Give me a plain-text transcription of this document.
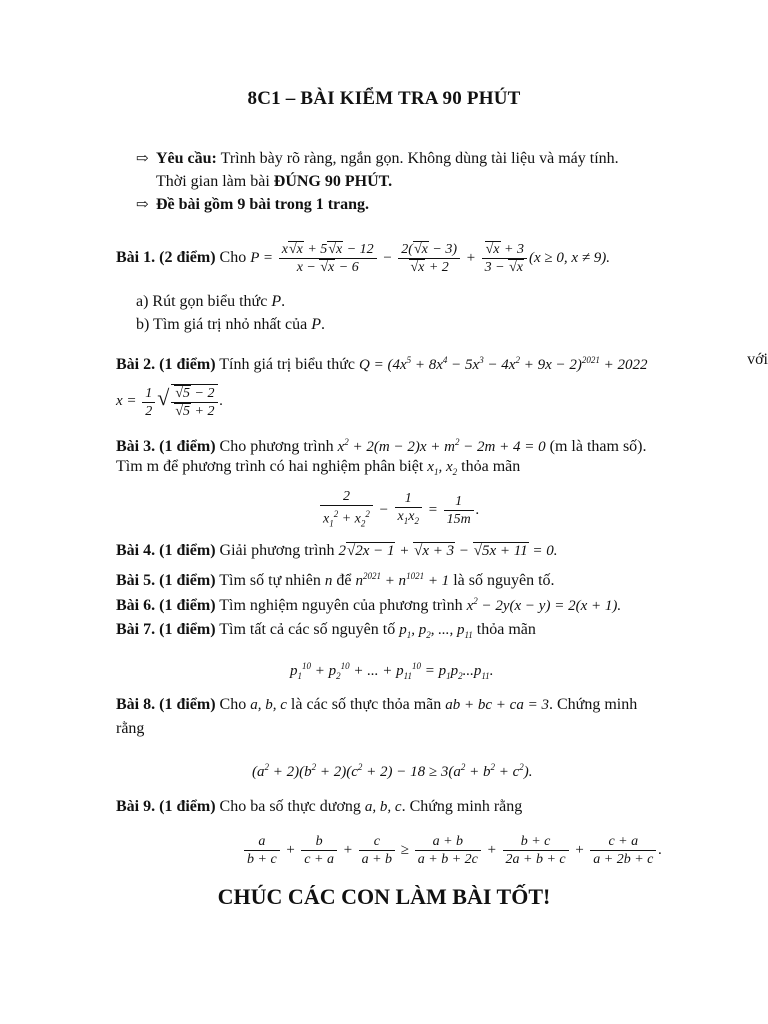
8C1 – BÀI KIỂM TRA 90 PHÚT
⇨ Yêu cầu: Trình bày rõ ràng, ngắn gọn. Không dùng tài liệu và máy tính.
Thời gian làm bài ĐÚNG 90 PHÚT.
⇨ Đề bài gồm 9 bài trong 1 trang.
Bài 1. (2 điểm) Cho $P = \frac{x√ x + 5√ x - 12}{x - √ x - 6} - 2(√$ x − 3)
√ x + 2 +
√ $\frac{x + 3}{3 - √ x} (x \ge 0$, x ≠ 9).
a) Rút gọn biểu thức P.
b) Tìm giá trị nhỏ nhất của P.
Bài 2. (1 điểm) Tính giá trị biểu thức $Q = (4x^5 + 8x^4 - 5x^3 - 4x^2 + 9x - 2)^{2021} + 2022$	với
$x = \frac{1}{2}$ √
√ 5 − 2
√ 5 + 2 .
Bài 3. (1 điểm) Cho phương trình $x^2 + 2(m - 2)x + m^2 - 2m + 4 = 0$ (m là tham số).
Tìm m để phương trình có hai nghiệm phân biệt $x_1$, $x_2$ thỏa mãn
$\frac{2}{x_1^2 + x_2^2} - \frac{1}{x_1x_2} = \frac{1}{15m}$ .
Bài 4. (1 điểm) Giải phương trình 2√ 2x − 1 + √ x + 3 − √ 5x + 11 = 0.
Bài 5. (1 điểm) Tìm số tự nhiên n để $n^{2021} + n^{1021} + 1$ là số nguyên tố.
Bài 6. (1 điểm) Tìm nghiệm nguyên của phương trình $x^2 - 2y(x - y) = 2(x + 1)$.
Bài 7. (1 điểm) Tìm tất cả các số nguyên tố $p_1$, $p_2$, ..., $p_{11}$ thỏa mãn
$p_1^{10} + p_2^{10}$ + ... + $p_{11}^{10} = p_1p_2...p_{11}$.
Bài 8. (1 điểm) Cho a, b, c là các số thực thỏa mãn ab + bc + ca = 3. Chứng minh
rằng
$(a^2 + 2)(b^2 + 2)(c^2 + 2) - 18 \ge 3(a^2 + b^2 + c^2)$.
Bài 9. (1 điểm) Cho ba số thực dương a, b, c. Chứng minh rằng
$\frac{a}{b + c} + \frac{b}{c + a} + \frac{c}{a + b} \ge \frac{a + b}{a + b + 2c} + \frac{b + c}{2a + b + c} + \frac{c + a}{a + 2b + c}$ .
CHÚC CÁC CON LÀM BÀI TỐT!
